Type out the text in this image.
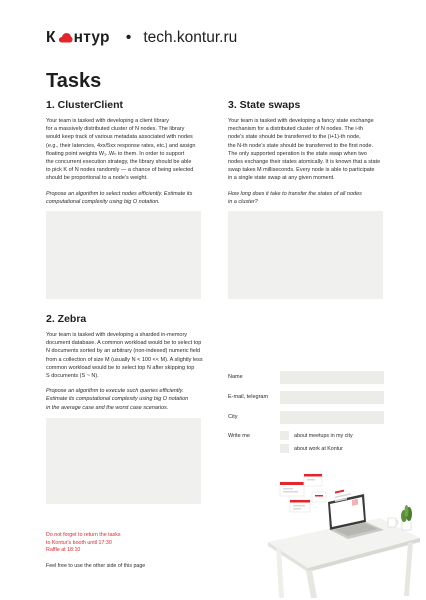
К нтур • tech.kontur.ru
Tasks
1. ClusterClient
Your team is tasked with developing a client library
for a massively distributed cluster of N nodes. The library
would keep track of various metadata associated with nodes
(e.g., their latencies, 4xx/5xx response rates, etc.) and assign
floating point weights W₁..Wₙ to them. In order to support
the concurrent execution strategy, the library should be able
to pick K of N nodes randomly — a chance of being selected
should be proportional to a node's weight.
Propose an algorithm to select nodes efficiently. Estimate its
computational complexity using big O notation.
3. State swaps
Your team is tasked with developing a fancy state exchange
mechanism for a distributed cluster of N nodes. The i-th
node's state should be transferred to the (i+1)-th node,
the N-th node's state should be transferred to the first node.
The only supported operation is the state swap when two
nodes exchange their states atomically. It is known that a state
swap takes M milliseconds. Every node is able to participate
in a single state swap at any given moment.
How long does it take to transfer the states of all nodes
in a cluster?
2. Zebra
Your team is tasked with developing a sharded in-memory
document database. A common workload would be to select top
N documents sorted by an arbitrary (non-indexed) numeric field
from a collection of size M (usually N < 100 << M). A slightly less
common workload would be to select top N after skipping top
S documents (S ~ N).
Propose an algorithm to execute such queries efficiently.
Estimate its computational complexity using big O notation
in the average case and the worst case scenarios.
Name
E-mail, telegram
City
Write me	about meetups in my city
about work at Kontur
Do not forget to return the tasks
to Kontur's booth until 17:30
Raffle at 18:10
Feel free to use the other side of this page
